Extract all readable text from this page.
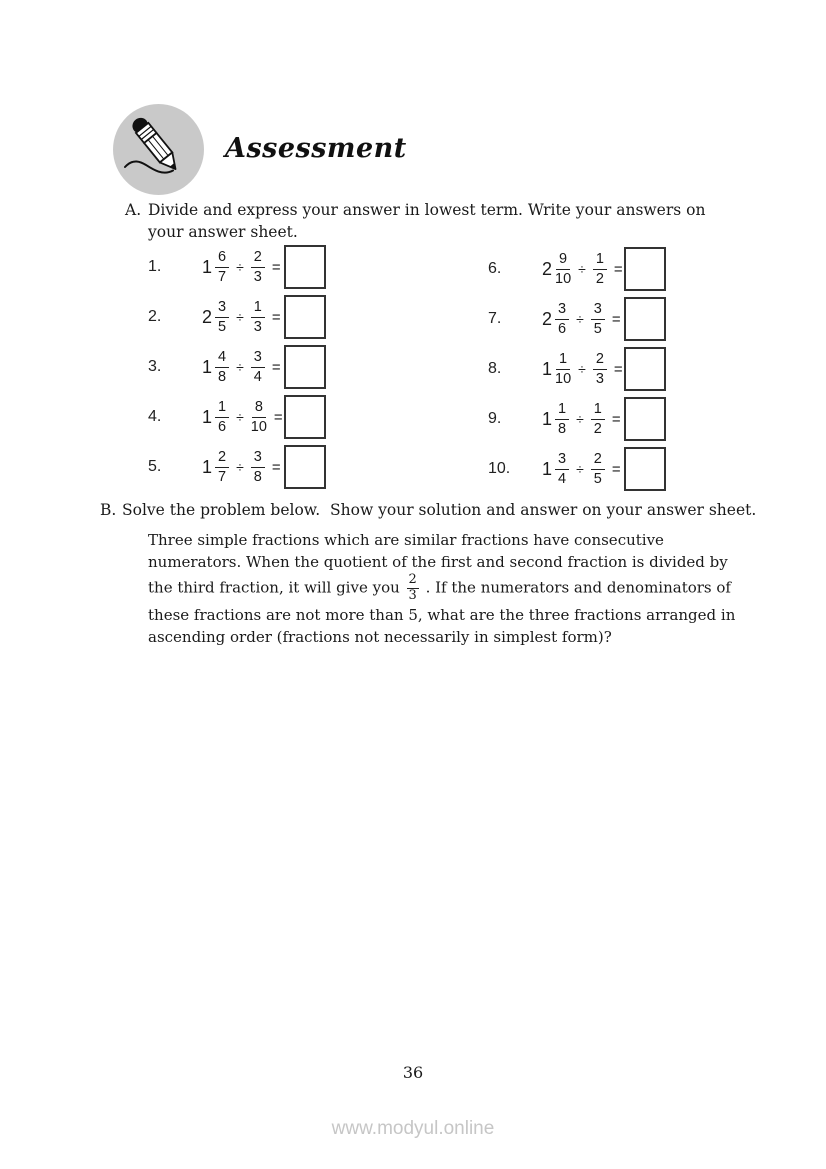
Assessment
A. Divide and express your answer in lowest term. Write your answers on your answer sheet.
1.	$1 \frac{6}{7} \div \frac{2}{3}$ =
2.	$2 \frac{3}{5} \div \frac{1}{3}$ =
3.	$1 \frac{4}{8} \div \frac{3}{4}$ =
4.	$1 \frac{1}{6} \div \frac{8}{10}$ =
5.	$1 \frac{2}{7} \div \frac{3}{8}$ =
6.	$2 \frac{9}{10} \div \frac{1}{2}$ =
7.	$2 \frac{3}{6} \div \frac{3}{5}$ =
8.	$1 \frac{1}{10} \div \frac{2}{3}$ =
9.	$1 \frac{1}{8} \div \frac{1}{2}$ =
10.	$1 \frac{3}{4} \div \frac{2}{5}$ =
B. Solve the problem below.  Show your solution and answer on your answer sheet.
Three simple fractions which are similar fractions have consecutive numerators. When the quotient of the first and second fraction is divided by the third fraction, it will give you $\frac{2}{3}$ . If the numerators and denominators of these fractions are not more than 5, what are the three fractions arranged in ascending order (fractions not necessarily in simplest form)?
36
www.modyul.online
